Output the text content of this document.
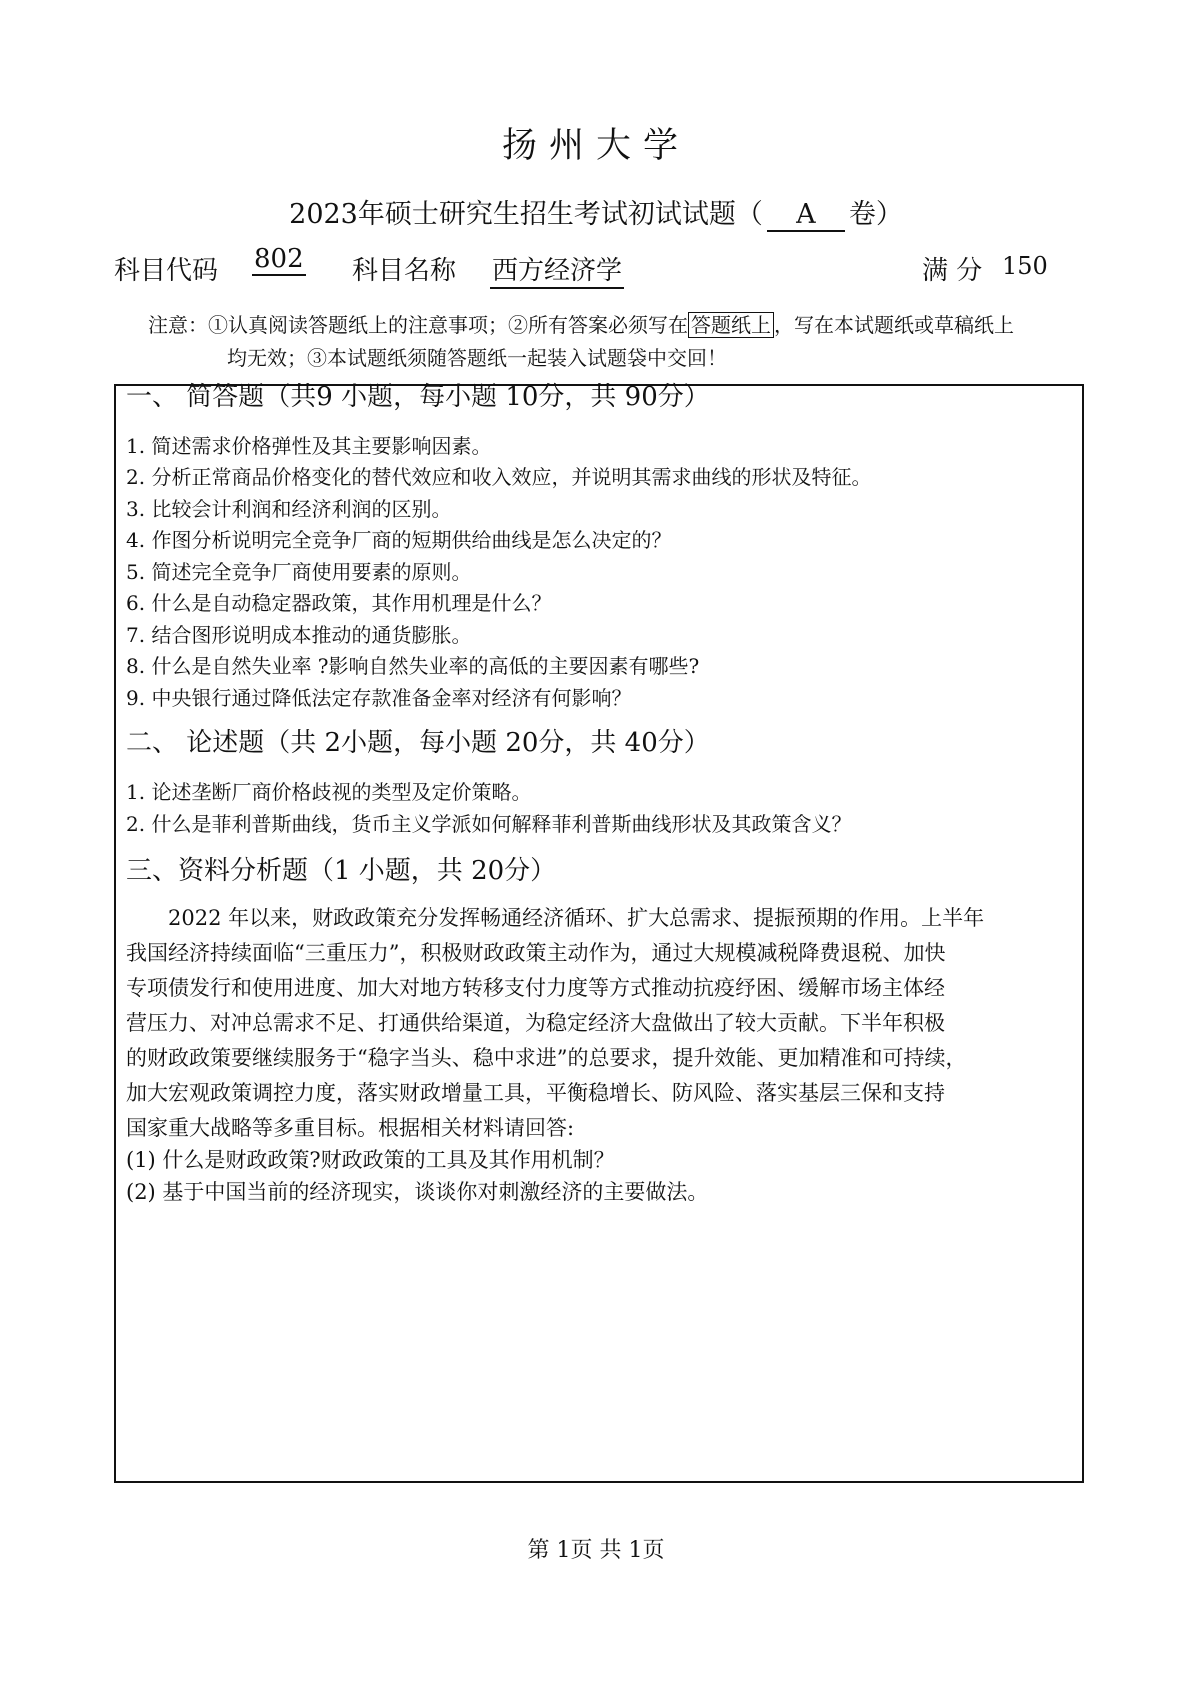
扬州大学
2023年硕士研究生招生考试初试试题（ A 卷）
科目代码 802 科目名称 西方经济学	满 分 150
注意：①认真阅读答题纸上的注意事项；②所有答案必须写在 答题纸上 ，写在本试题纸或草稿纸上
均无效；③本试题纸须随答题纸一起装入试题袋中交回！
一、 简答题（共9 小题，每小题 10分，共 90分）
1. 简述需求价格弹性及其主要影响因素。
2. 分析正常商品价格变化的替代效应和收入效应，并说明其需求曲线的形状及特征。
3. 比较会计利润和经济利润的区别。
4. 作图分析说明完全竞争厂商的短期供给曲线是怎么决定的？
5. 简述完全竞争厂商使用要素的原则。
6. 什么是自动稳定器政策，其作用机理是什么？
7. 结合图形说明成本推动的通货膨胀。
8. 什么是自然失业率 ?影响自然失业率的高低的主要因素有哪些?
9. 中央银行通过降低法定存款准备金率对经济有何影响？
二、 论述题（共 2小题，每小题 20分，共 40分）
1. 论述垄断厂商价格歧视的类型及定价策略。
2. 什么是菲利普斯曲线，货币主义学派如何解释菲利普斯曲线形状及其政策含义？
三、资料分析题（1 小题，共 20分）
　　2022 年以来，财政政策充分发挥畅通经济循环、扩大总需求、提振预期的作用。上半年
我国经济持续面临“三重压力”，积极财政政策主动作为，通过大规模减税降费退税、加快
专项债发行和使用进度、加大对地方转移支付力度等方式推动抗疫纾困、缓解市场主体经
营压力、对冲总需求不足、打通供给渠道，为稳定经济大盘做出了较大贡献。下半年积极
的财政政策要继续服务于“稳字当头、稳中求进”的总要求，提升效能、更加精准和可持续，
加大宏观政策调控力度，落实财政增量工具，平衡稳增长、防风险、落实基层三保和支持
国家重大战略等多重目标。根据相关材料请回答:
(1) 什么是财政政策?财政政策的工具及其作用机制？
(2) 基于中国当前的经济现实，谈谈你对刺激经济的主要做法。
第 1页 共 1页
